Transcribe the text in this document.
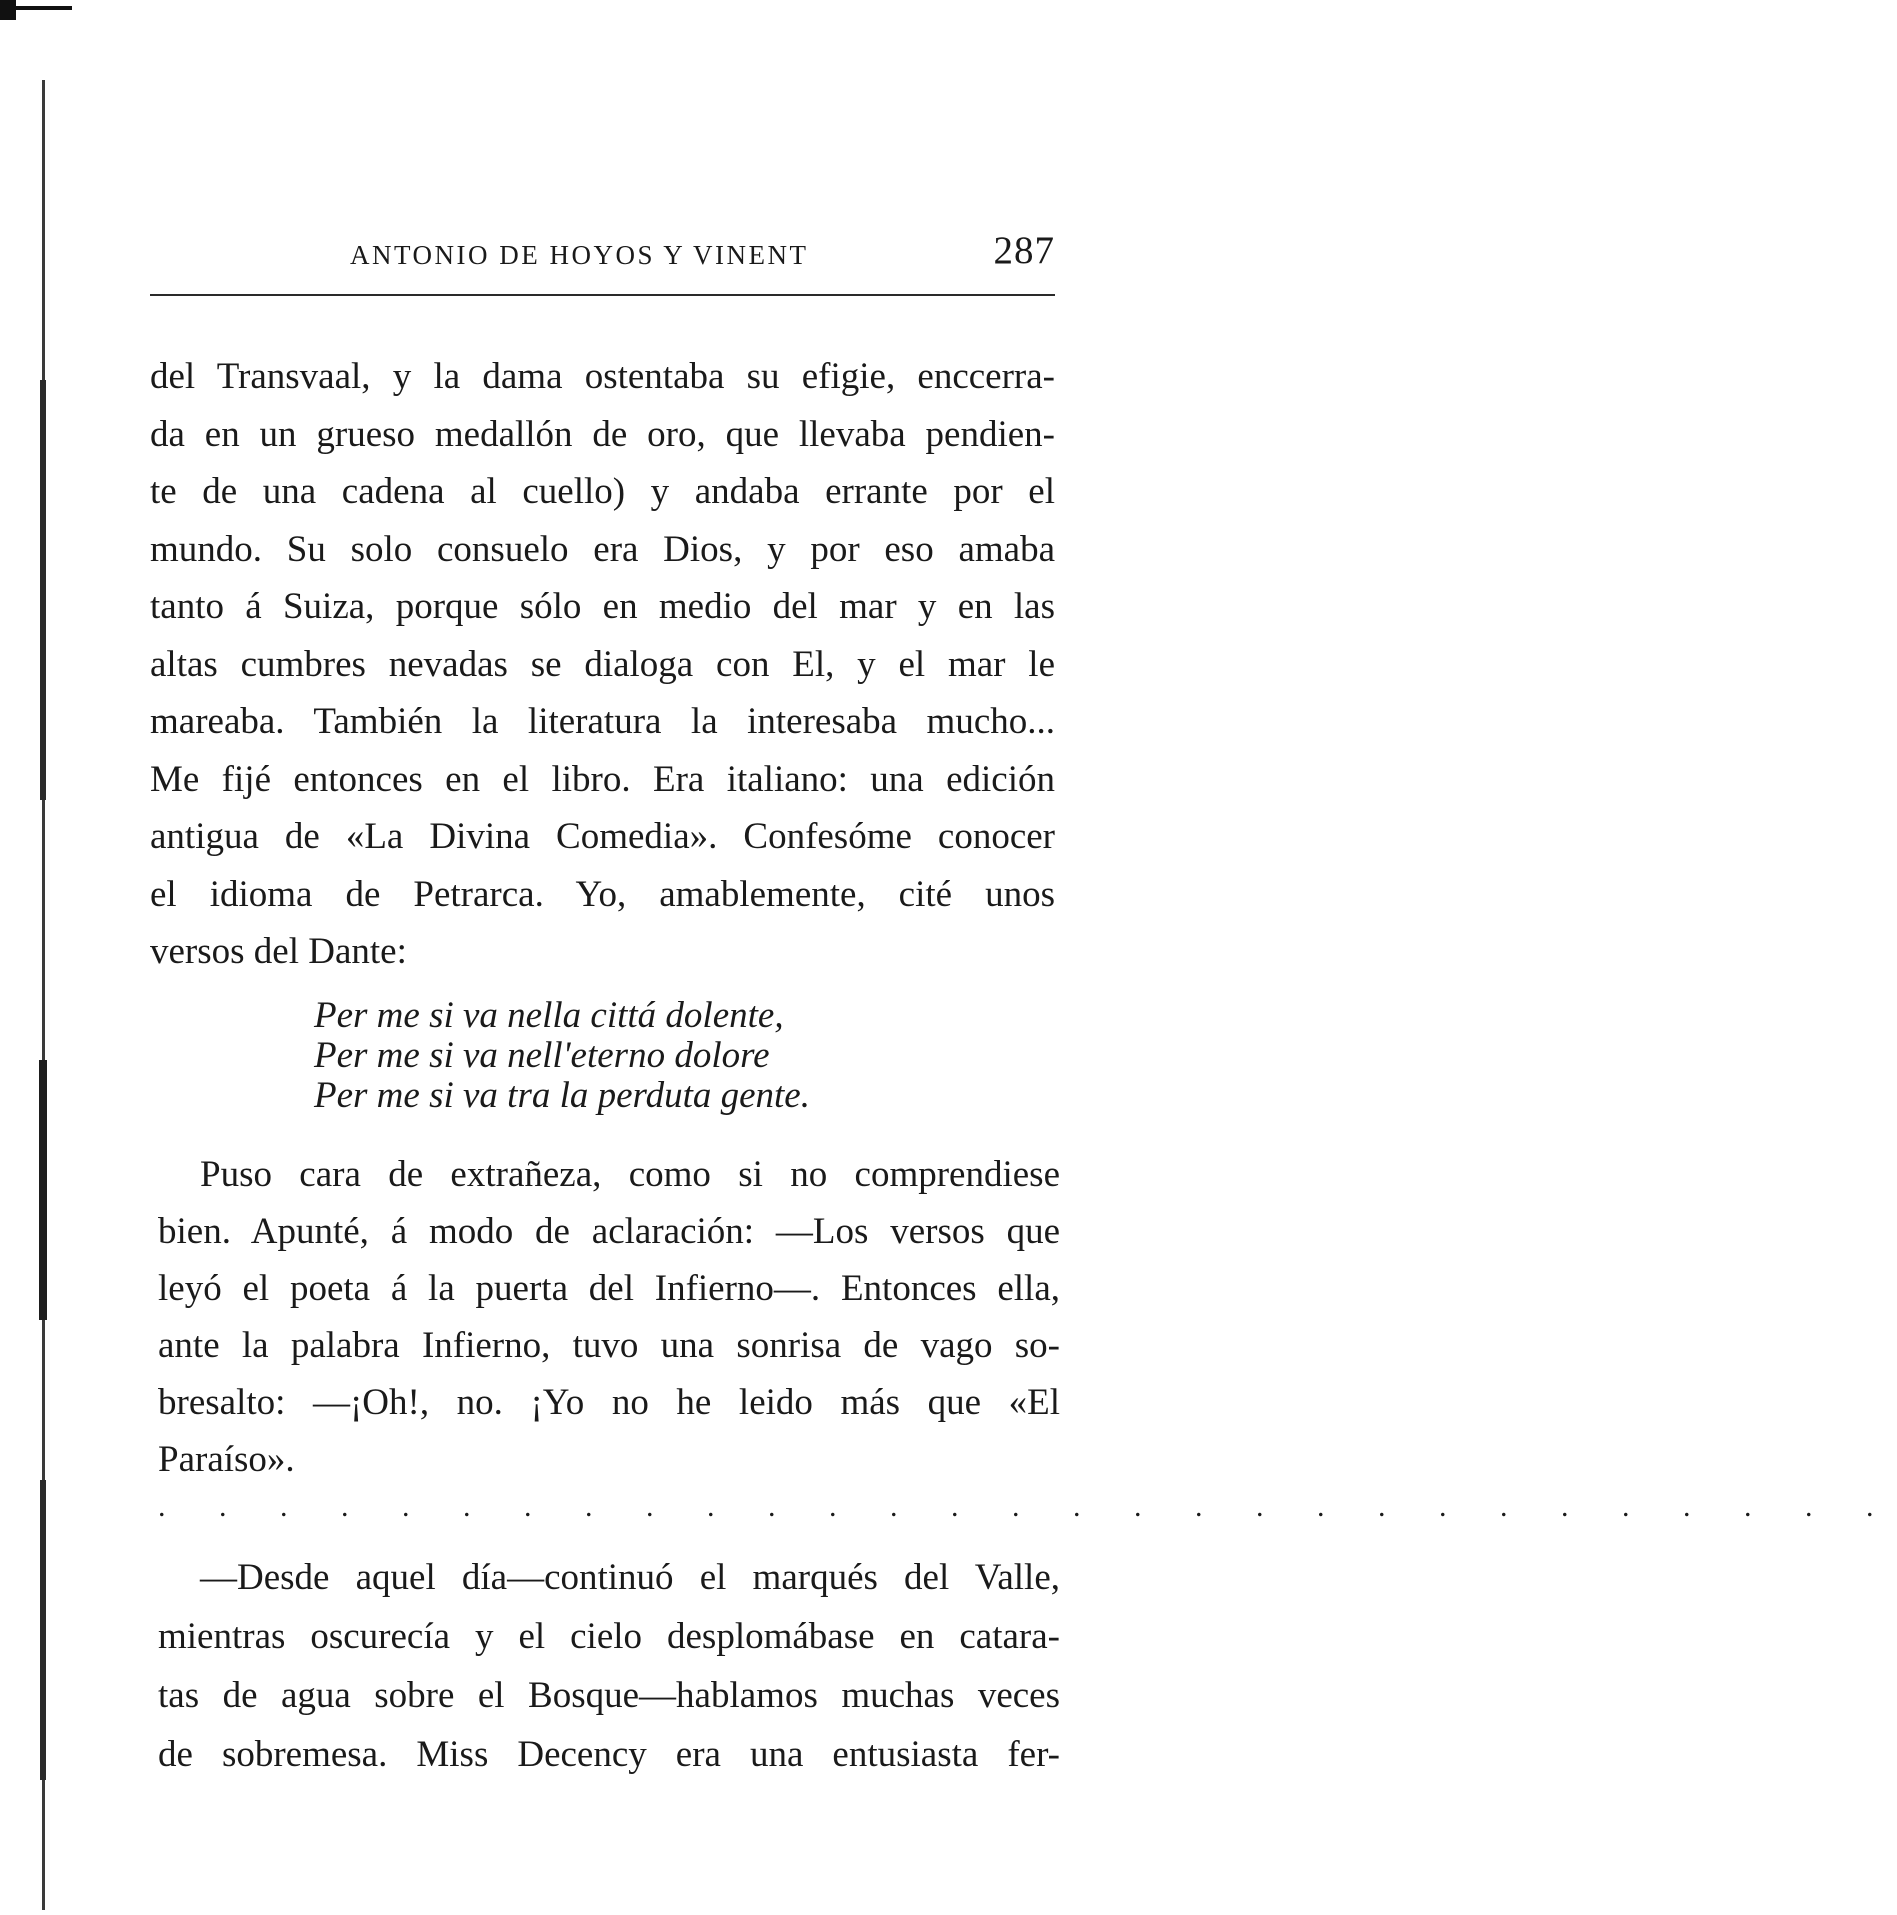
ANTONIO DE HOYOS Y VINENT	287
del Transvaal, y la dama ostentaba su efigie, enccerra-
da en un grueso medallón de oro, que llevaba pendien-
te de una cadena al cuello) y andaba errante por el
mundo. Su solo consuelo era Dios, y por eso amaba
tanto á Suiza, porque sólo en medio del mar y en las
altas cumbres nevadas se dialoga con El, y el mar le
mareaba. También la literatura la interesaba mucho...
Me fijé entonces en el libro. Era italiano: una edición
antigua de «La Divina Comedia». Confesóme conocer
el idioma de Petrarca. Yo, amablemente, cité unos
versos del Dante:
Per me si va nella cittá dolente,
Per me si va nell'eterno dolore
Per me si va tra la perduta gente.
Puso cara de extrañeza, como si no comprendiese
bien. Apunté, á modo de aclaración: —Los versos que
leyó el poeta á la puerta del Infierno—. Entonces ella,
ante la palabra Infierno, tuvo una sonrisa de vago so-
bresalto: —¡Oh!, no. ¡Yo no he leido más que «El
Paraíso».
. . . . . . . . . . . . . . . . . . . . . . . . . . . . .
—Desde aquel día—continuó el marqués del Valle,
mientras oscurecía y el cielo desplomábase en catara-
tas de agua sobre el Bosque—hablamos muchas veces
de sobremesa. Miss Decency era una entusiasta fer-
